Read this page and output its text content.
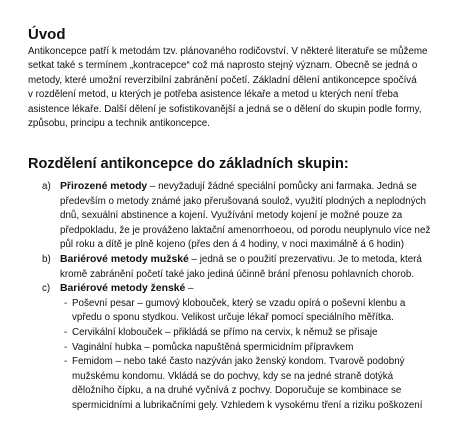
Úvod
Antikoncepce patří k metodám tzv. plánovaného rodičovství. V některé literatuře se můžeme
setkat také s termínem „kontracepce“ což má naprosto stejný význam. Obecně se jedná o
metody, které umožní reverzibilní zabránění početí. Základní dělení antikoncepce spočívá
v rozdělení metod, u kterých je potřeba asistence lékaře a metod u kterých není třeba
asistence lékaře. Další dělení je sofistikovanější a jedná se o dělení do skupin podle formy,
způsobu, principu a technik antikoncepce.
Rozdělení antikoncepce do základních skupin:
a) Přirozené metody – nevyžadují žádné speciální pomůcky ani farmaka. Jedná se
především o metody známé jako přerušovaná soulož, využití plodných a neplodných
dnů, sexuální abstinence a kojení. Využívání metody kojení je možné pouze za
předpokladu, že je prováženo laktační amenorrhoeou, od porodu neuplynulo více než
půl roku a dítě je plně kojeno (přes den á 4 hodiny, v noci maximálně á 6 hodin)
b) Bariérové metody mužské – jedná se o použití prezervativu. Je to metoda, která
kromě zabránění početí také jako jediná účinně brání přenosu pohlavních chorob.
c) Bariérové metody ženské –
- Poševní pesar – gumový klobouček, který se vzadu opírá o poševní klenbu a
vpředu o sponu stydkou. Velikost určuje lékař pomocí speciálního měřítka.
- Cervikální klobouček – přikládá se přímo na cervix, k němuž se přisaje
- Vaginální hubka – pomůcka napuštěná spermicidním přípravkem
- Femidom – nebo také často nazýván jako ženský kondom. Tvarově podobný
mužskému kondomu. Vkládá se do pochvy, kdy se na jedné straně dotýká
děložního čípku, a na druhé vyčnívá z pochvy. Doporučuje se kombinace se
spermicidními a lubrikačními gely. Vzhledem k vysokému tření a riziku poškození
